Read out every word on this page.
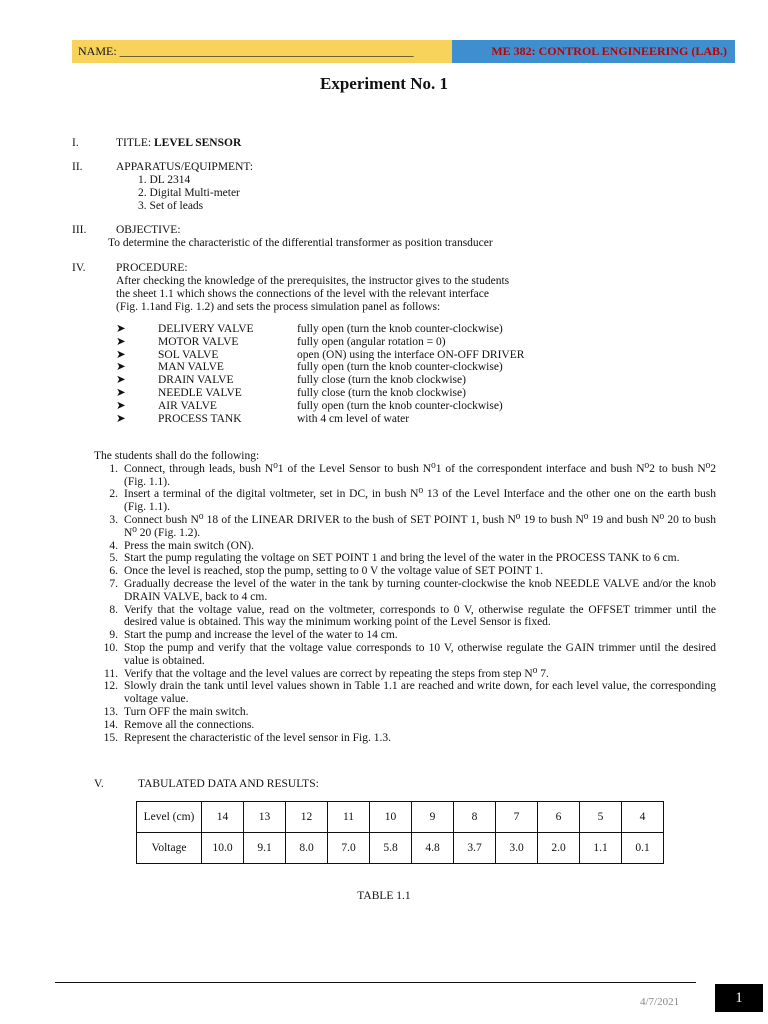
NAME: _________________________________________________	ME 382: CONTROL ENGINEERING (LAB.)
Experiment No. 1
I.	TITLE: LEVEL SENSOR
II.	APPARATUS/EQUIPMENT:
1. DL 2314
2. Digital Multi-meter
3. Set of leads
III.	OBJECTIVE:
To determine the characteristic of the differential transformer as position transducer
IV.	PROCEDURE:
After checking the knowledge of the prerequisites, the instructor gives to the students
the sheet 1.1 which shows the connections of the level with the relevant interface
(Fig. 1.1and Fig. 1.2) and sets the process simulation panel as follows:
➤	DELIVERY VALVE	fully open (turn the knob counter-clockwise)
➤	MOTOR VALVE	fully open (angular rotation = 0)
➤	SOL VALVE	open (ON) using the interface ON-OFF DRIVER
➤	MAN VALVE	fully open (turn the knob counter-clockwise)
➤	DRAIN VALVE	fully close (turn the knob clockwise)
➤	NEEDLE VALVE	fully close (turn the knob clockwise)
➤	AIR VALVE	fully open (turn the knob counter-clockwise)
➤	PROCESS TANK	with 4 cm level of water
The students shall do the following:
1. Connect, through leads, bush N⁰1 of the Level Sensor to bush N⁰1 of the correspondent interface and bush N⁰2 to bush N⁰2 (Fig. 1.1).
2. Insert a terminal of the digital voltmeter, set in DC, in bush N⁰ 13 of the Level Interface and the other one on the earth bush (Fig. 1.1).
3. Connect bush N⁰ 18 of the LINEAR DRIVER to the bush of SET POINT 1, bush N⁰ 19 to bush N⁰ 19 and bush N⁰ 20 to bush N⁰ 20 (Fig. 1.2).
4. Press the main switch (ON).
5. Start the pump regulating the voltage on SET POINT 1 and bring the level of the water in the PROCESS TANK to 6 cm.
6. Once the level is reached, stop the pump, setting to 0 V the voltage value of SET POINT 1.
7. Gradually decrease the level of the water in the tank by turning counter-clockwise the knob NEEDLE VALVE and/or the knob DRAIN VALVE, back to 4 cm.
8. Verify that the voltage value, read on the voltmeter, corresponds to 0 V, otherwise regulate the OFFSET trimmer until the desired value is obtained. This way the minimum working point of the Level Sensor is fixed.
9. Start the pump and increase the level of the water to 14 cm.
10. Stop the pump and verify that the voltage value corresponds to 10 V, otherwise regulate the GAIN trimmer until the desired value is obtained.
11. Verify that the voltage and the level values are correct by repeating the steps from step N⁰ 7.
12. Slowly drain the tank until level values shown in Table 1.1 are reached and write down, for each level value, the corresponding voltage value.
13. Turn OFF the main switch.
14. Remove all the connections.
15. Represent the characteristic of the level sensor in Fig. 1.3.
V.	TABULATED DATA AND RESULTS:
Level (cm)	14	13	12	11	10	9	8	7	6	5	4
Voltage	10.0	9.1	8.0	7.0	5.8	4.8	3.7	3.0	2.0	1.1	0.1
TABLE 1.1
4/7/2021	1
